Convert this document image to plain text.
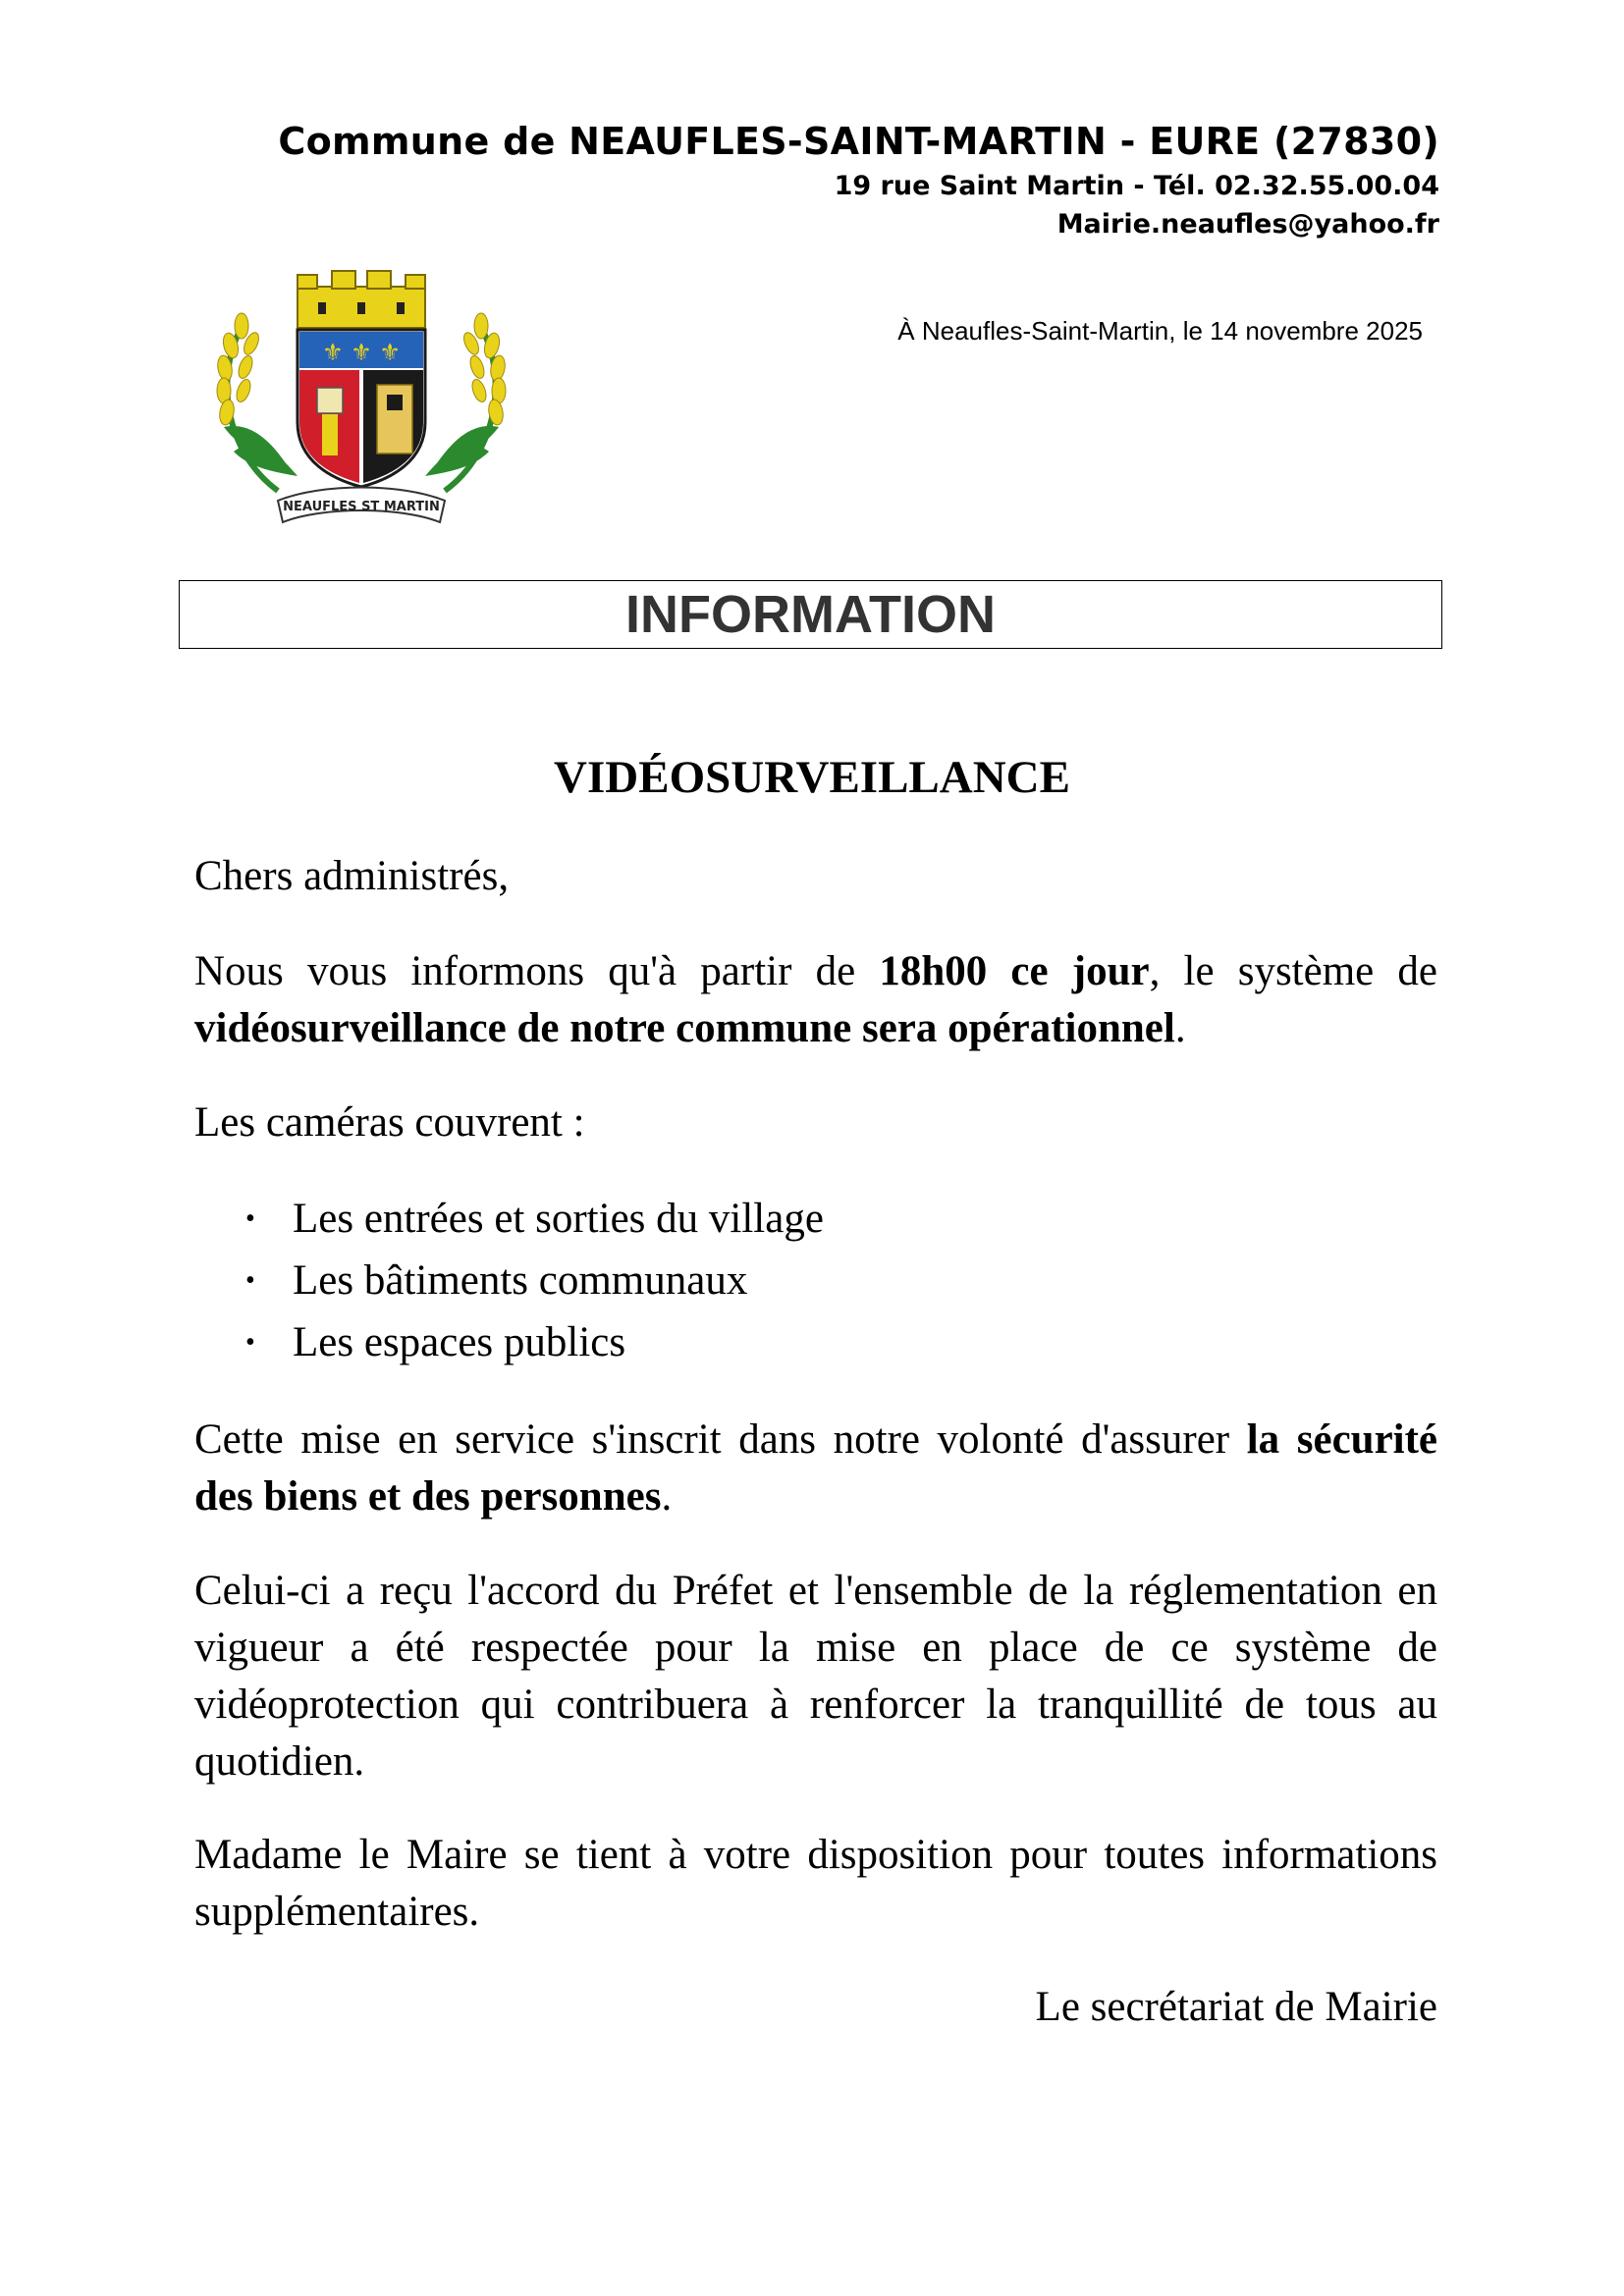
Commune de NEAUFLES-SAINT-MARTIN - EURE (27830)
19 rue Saint Martin - Tél. 02.32.55.00.04
Mairie.neaufles@yahoo.fr
⚜ ⚜ ⚜
NEAUFLES ST MARTIN
À Neaufles-Saint-Martin, le 14 novembre 2025
INFORMATION
VIDÉOSURVEILLANCE
Chers administrés,
Nous vous informons qu'à partir de 18h00 ce jour, le système de vidéosurveillance de notre commune sera opérationnel.
Les caméras couvrent :
• Les entrées et sorties du village
• Les bâtiments communaux
• Les espaces publics
Cette mise en service s'inscrit dans notre volonté d'assurer la sécurité des biens et des personnes.
Celui-ci a reçu l'accord du Préfet et l'ensemble de la réglementation en vigueur a été respectée pour la mise en place de ce système de vidéoprotection qui contribuera à renforcer la tranquillité de tous au quotidien.
Madame le Maire se tient à votre disposition pour toutes informations supplémentaires.
Le secrétariat de Mairie
